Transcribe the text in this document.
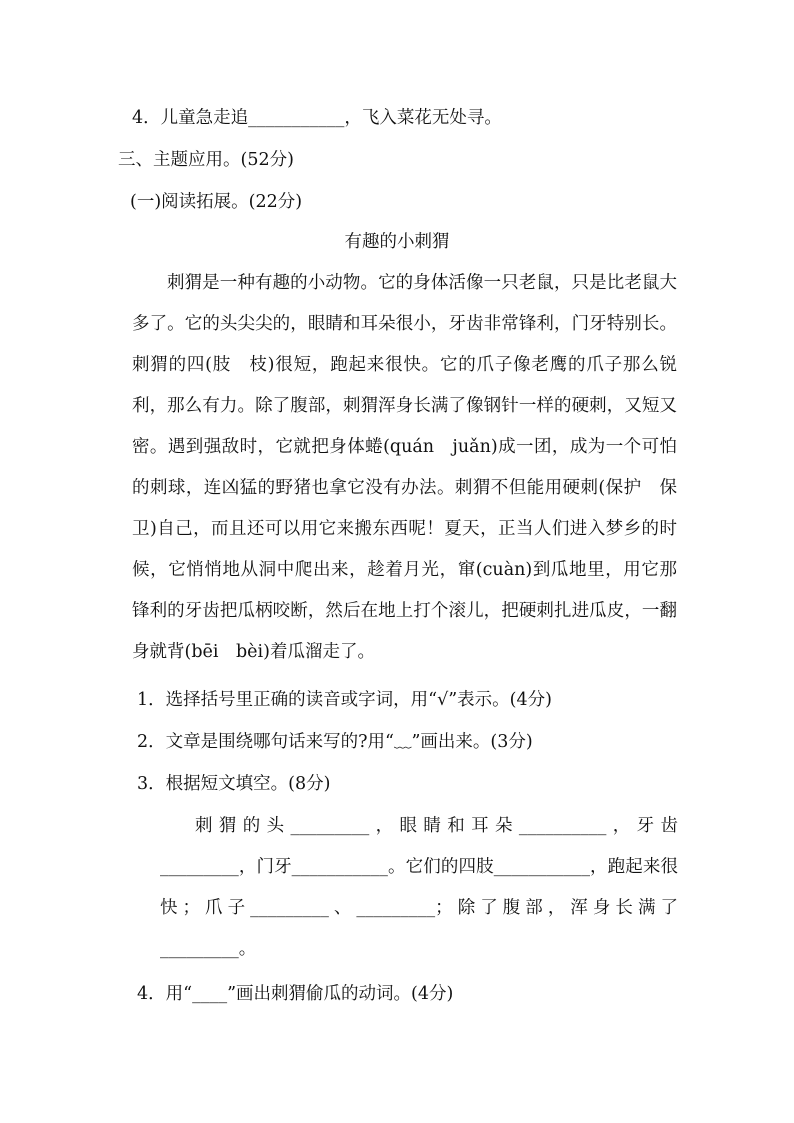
4．儿童急走追___________，飞入菜花无处寻。
三、主题应用。(52分)
(一)阅读拓展。(22分)
有趣的小刺猬
刺猬是一种有趣的小动物。它的身体活像一只老鼠，只是比老鼠大多了。它的头尖尖的，眼睛和耳朵很小，牙齿非常锋利，门牙特别长。刺猬的四(肢　枝)很短，跑起来很快。它的爪子像老鹰的爪子那么锐利，那么有力。除了腹部，刺猬浑身长满了像钢针一样的硬刺，又短又密。遇到强敌时，它就把身体蜷(quán　juǎn)成一团，成为一个可怕的刺球，连凶猛的野猪也拿它没有办法。刺猬不但能用硬刺(保护　保卫)自己，而且还可以用它来搬东西呢！夏天，正当人们进入梦乡的时候，它悄悄地从洞中爬出来，趁着月光，窜(cuàn)到瓜地里，用它那锋利的牙齿把瓜柄咬断，然后在地上打个滚儿，把硬刺扎进瓜皮，一翻身就背(bēi　bèi)着瓜溜走了。
1．选择括号里正确的读音或字词，用“√”表示。(4分)
2．文章是围绕哪句话来写的?用“﹏”画出来。(3分)
3．根据短文填空。(8分)
刺猬的头_________，眼睛和耳朵__________，牙齿_________，门牙___________。它们的四肢___________，跑起来很快；爪子_________、_________；除了腹部，浑身长满了_________。
4．用“____”画出刺猬偷瓜的动词。(4分)
